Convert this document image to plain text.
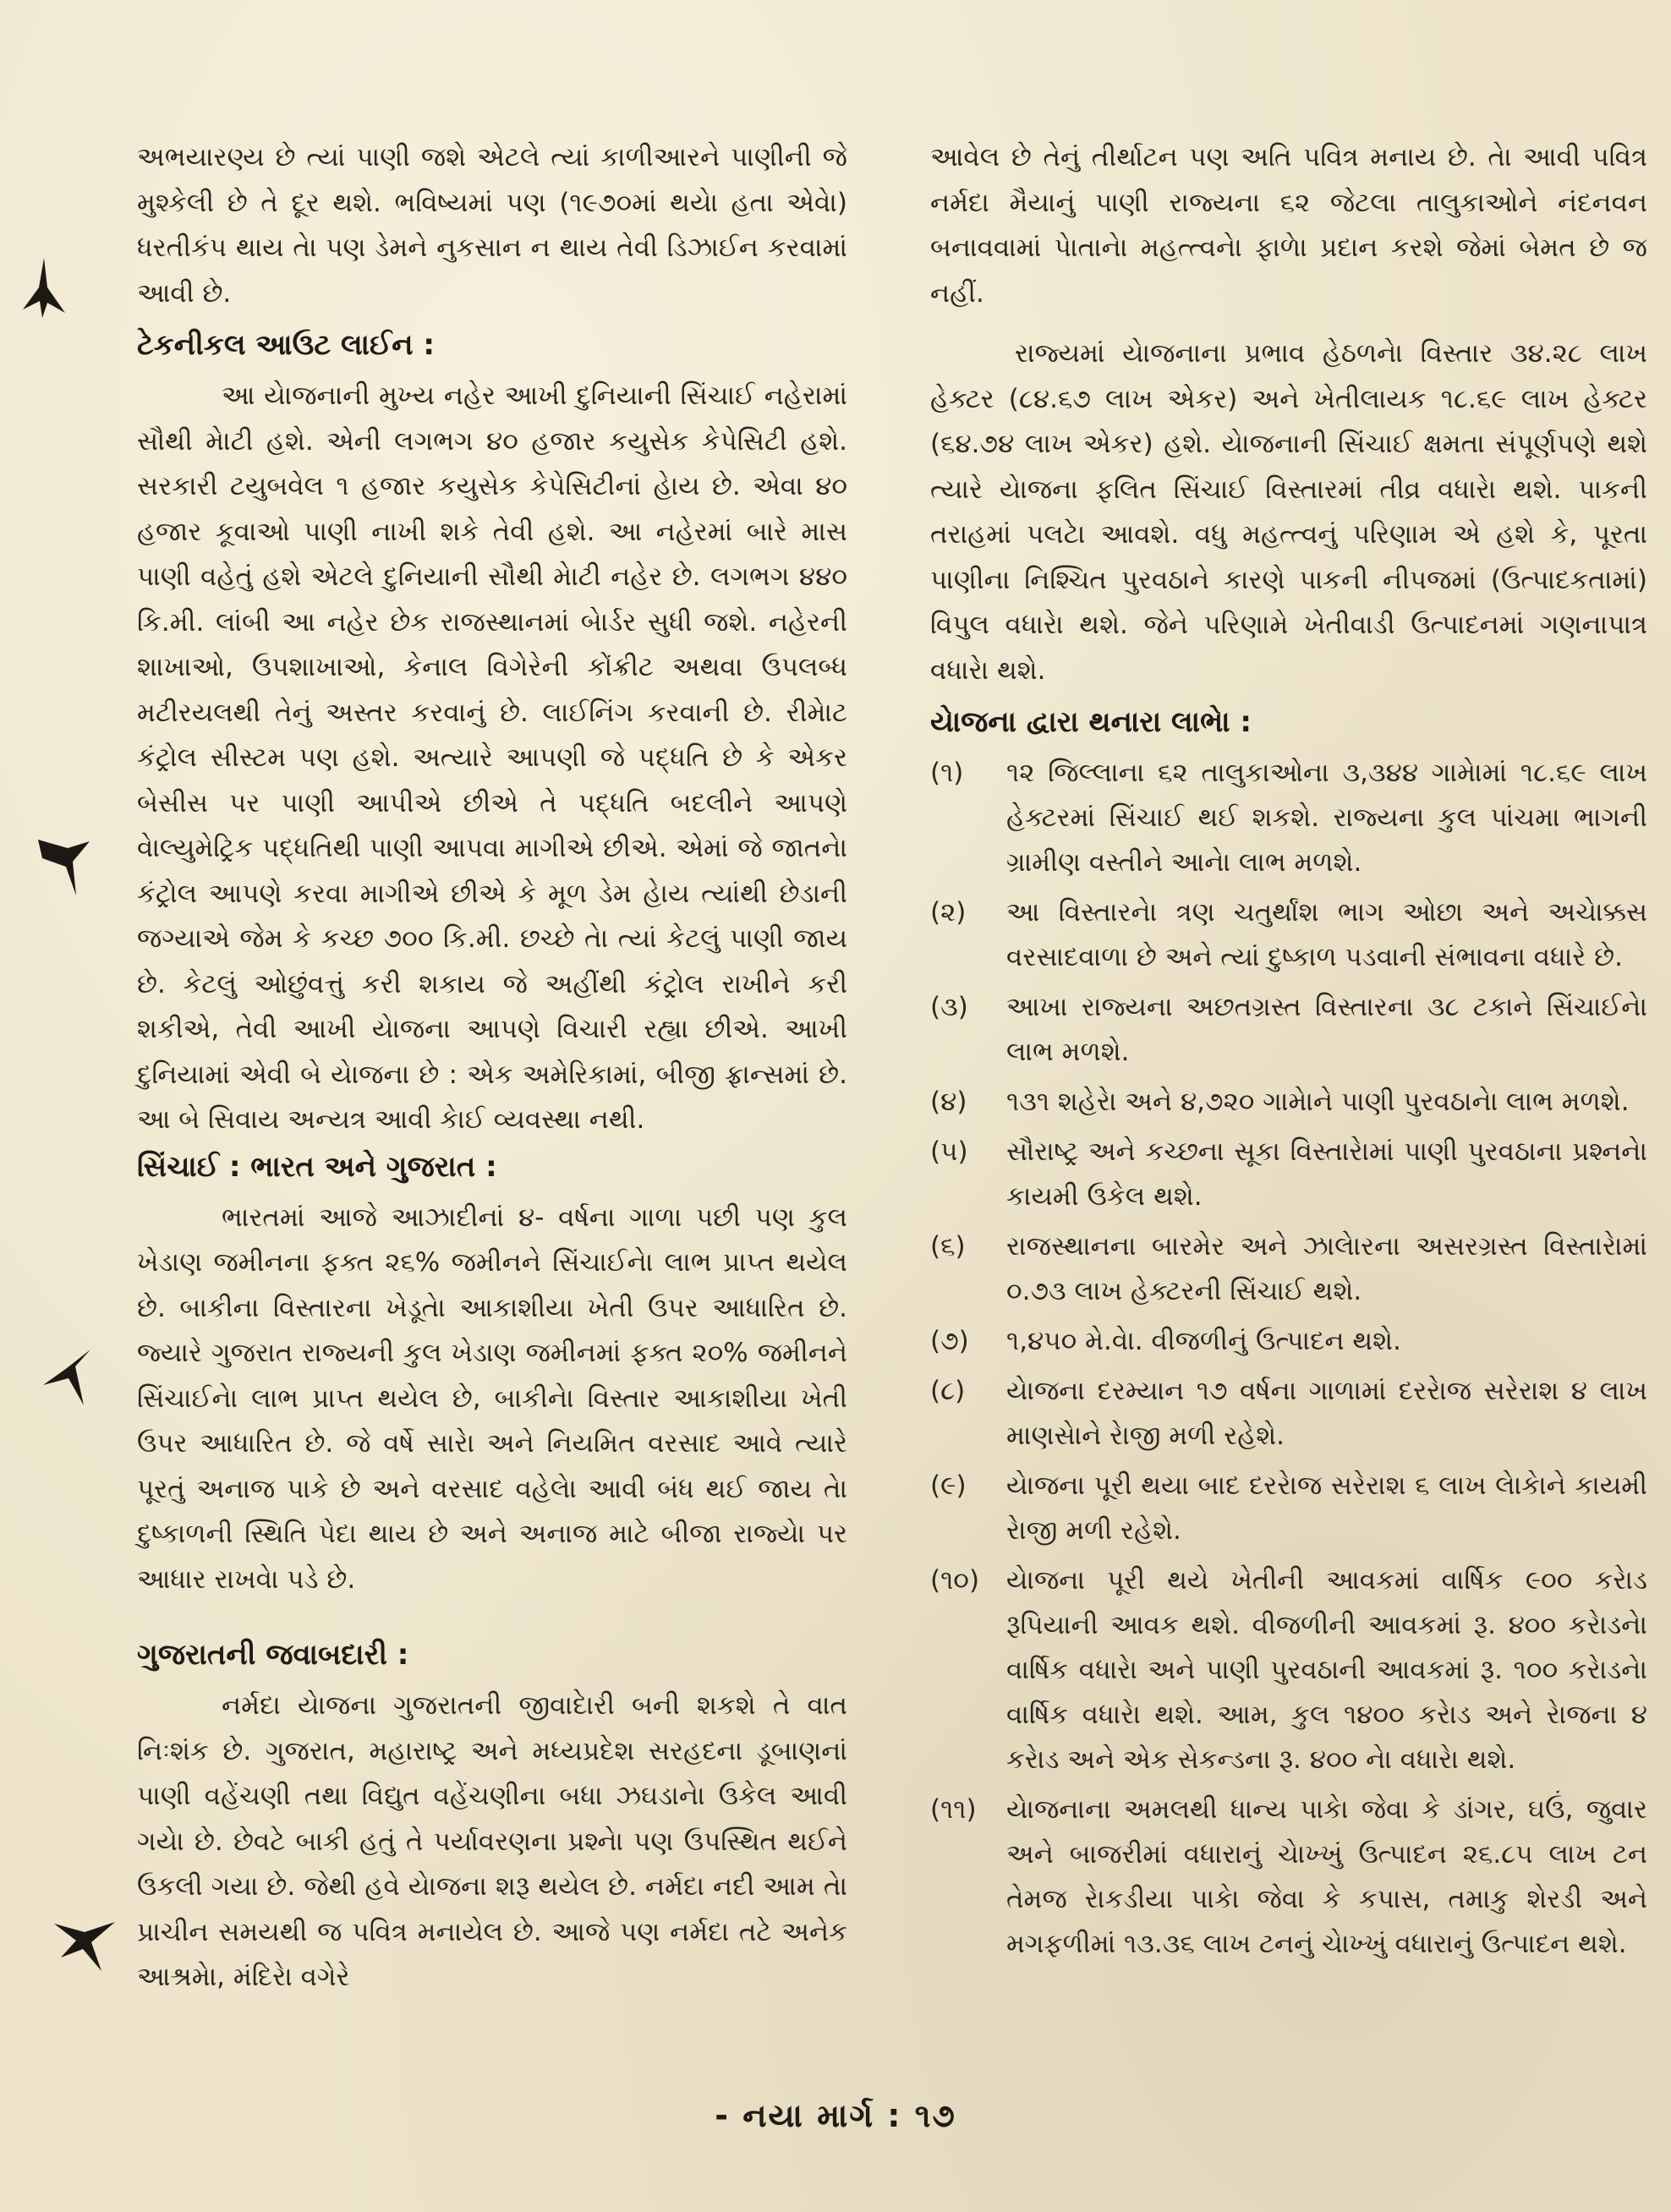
અભયારણ્ય છે ત્યાં પાણી જશે એટલે ત્યાં કાળીઆરને પાણીની જે મુશ્કેલી છે તે દૂર થશે. ભવિષ્યમાં પણ (૧૯૭૦માં થયેા હતા એવેા) ધરતીકંપ થાય તેા પણ ડેમને નુકસાન ન થાય તેવી ડિઝાઈન કરવામાં આવી છે.

ટેકનીકલ આઉટ લાઈન :

આ યેાજનાની મુખ્ય નહેર આખી દુનિયાની સિંચાઈ નહેરામાં સૌથી મેાટી હશે. એની લગભગ ૪૦ હજાર કયુસેક કેપેસિટી હશે. સરકારી ટયુબવેલ ૧ હજાર કયુસેક કેપેસિટીનાં હેાય છે. એવા ૪૦ હજાર કૂવાઓ પાણી નાખી શકે તેવી હશે. આ નહેરમાં બારે માસ પાણી વહેતું હશે એટલે દુનિયાની સૌથી મેાટી નહેર છે. લગભગ ૪૪૦ કિ.મી. લાંબી આ નહેર છેક રાજસ્થાનમાં બેાર્ડર સુધી જશે. નહેરની શાખાઓ, ઉપશાખાઓ, કેનાલ વિગેરેની કોંક્રીટ અથવા ઉપલબ્ધ મટીરયલથી તેનું અસ્તર કરવાનું છે. લાઈનિંગ કરવાની છે. રીમેાટ કંટ્રોલ સીસ્ટમ પણ હશે. અત્યારે આપણી જે પદ્ધતિ છે કે એકર બેસીસ પર પાણી આપીએ છીએ તે પદ્ધતિ બદલીને આપણે વેાલ્યુમેટ્રિક પદ્ધતિથી પાણી આપવા માગીએ છીએ. એમાં જે જાતનેા કંટ્રોલ આપણે કરવા માગીએ છીએ કે મૂળ ડેમ હેાય ત્યાંથી છેડાની જગ્યાએ જેમ કે કચ્છ ૭૦૦ કિ.મી. છચ્છે તેા ત્યાં કેટલું પાણી જાય છે. કેટલું ઓછુંવત્તું કરી શકાય જે અહીંથી કંટ્રોલ રાખીને કરી શકીએ, તેવી આખી યેાજના આપણે વિચારી રહ્યા છીએ. આખી દુનિયામાં એવી બે યેાજના છે : એક અમેરિકામાં, બીજી ફ્રાન્સમાં છે. આ બે સિવાય અન્યત્ર આવી કેાઈ વ્યવસ્થા નથી.

સિંચાઈ : ભારત અને ગુજરાત :

ભારતમાં આજે આઝાદીનાં ૪- વર્ષના ગાળા પછી પણ કુલ ખેડાણ જમીનના ફક્ત ૨૬% જમીનને સિંચાઈનેા લાભ પ્રાપ્ત થયેલ છે. બાકીના વિસ્તારના ખેડૂતેા આકાશીયા ખેતી ઉપર આધારિત છે. જ્યારે ગુજરાત રાજ્યની કુલ ખેડાણ જમીનમાં ફક્ત ૨૦% જમીનને સિંચાઈનેા લાભ પ્રાપ્ત થયેલ છે, બાકીનેા વિસ્તાર આકાશીયા ખેતી ઉપર આધારિત છે. જે વર્ષે સારેા અને નિયમિત વરસાદ આવે ત્યારે પૂરતું અનાજ પાકે છે અને વરસાદ વહેલેા આવી બંધ થઈ જાય તેા દુષ્કાળની સ્થિતિ પેદા થાય છે અને અનાજ માટે બીજા રાજ્યેા પર આધાર રાખવેા પડે છે.

ગુજરાતની જવાબદારી :

નર્મદા યેાજના ગુજરાતની જીવાદેારી બની શકશે તે વાત નિઃશંક છે. ગુજરાત, મહારાષ્ટ્ર અને મધ્યપ્રદેશ સરહદના ડૂબાણનાં પાણી વહેંચણી તથા વિદ્યુત વહેંચણીના બધા ઝઘડાનેા ઉકેલ આવી ગયેા છે. છેવટે બાકી હતું તે પર્યાવરણના પ્રશ્નેા પણ ઉપસ્થિત થઈને ઉકલી ગયા છે. જેથી હવે યેાજના શરૂ થયેલ છે. નર્મદા નદી આમ તેા પ્રાચીન સમયથી જ પવિત્ર મનાયેલ છે. આજે પણ નર્મદા તટે અનેક આશ્રમેા, મંદિરેા વગેરે

આવેલ છે તેનું તીર્થાટન પણ અતિ પવિત્ર મનાય છે. તેા આવી પવિત્ર નર્મદા મૈયાનું પાણી રાજ્યના ૬૨ જેટલા તાલુકાઓને નંદનવન બનાવવામાં પેાતાનેા મહત્ત્વનેા ફાળેા પ્રદાન કરશે જેમાં બેમત છે જ નહીં.

રાજ્યમાં યેાજનાના પ્રભાવ હેઠળનેા વિસ્તાર ૩૪.૨૮ લાખ હેક્ટર (૮૪.૬૭ લાખ એકર) અને ખેતીલાયક ૧૮.૬૯ લાખ હેક્ટર (૬૪.૭૪ લાખ એકર) હશે. યેાજનાની સિંચાઈ ક્ષમતા સંપૂર્ણપણે થશે ત્યારે યેાજના ફલિત સિંચાઈ વિસ્તારમાં તીવ્ર વધારેા થશે. પાકની તરાહમાં પલટેા આવશે. વધુ મહત્ત્વનું પરિણામ એ હશે કે, પૂરતા પાણીના નિશ્ચિત પુરવઠાને કારણે પાકની નીપજમાં (ઉત્પાદકતામાં) વિપુલ વધારેા થશે. જેને પરિણામે ખેતીવાડી ઉત્પાદનમાં ગણનાપાત્ર વધારેા થશે.

યેાજના દ્વારા થનારા લાભેા :
(૧)	૧૨ જિલ્લાના ૬૨ તાલુકાઓના ૩,૩૪૪ ગામેામાં ૧૮.૬૯ લાખ હેક્ટરમાં સિંચાઈ થઈ શકશે. રાજ્યના કુલ પાંચમા ભાગની ગ્રામીણ વસ્તીને આનેા લાભ મળશે.
(૨)	આ વિસ્તારનેા ત્રણ ચતુર્થાંશ ભાગ ઓછા અને અચેાક્કસ વરસાદવાળા છે અને ત્યાં દુષ્કાળ પડવાની સંભાવના વધારે છે.
(૩)	આખા રાજ્યના અછતગ્રસ્ત વિસ્તારના ૩૮ ટકાને સિંચાઈનેા લાભ મળશે.
(૪)	૧૩૧ શહેરેા અને ૪,૭૨૦ ગામેાને પાણી પુરવઠાનેા લાભ મળશે.
(૫)	સૌરાષ્ટ્ર અને કચ્છના સૂકા વિસ્તારેામાં પાણી પુરવઠાના પ્રશ્નનેા કાયમી ઉકેલ થશે.
(૬)	રાજસ્થાનના બારમેર અને ઝાલેારના અસરગ્રસ્ત વિસ્તારેામાં ૦.૭૩ લાખ હેક્ટરની સિંચાઈ થશે.
(૭)	૧,૪૫૦ મે.વેા. વીજળીનું ઉત્પાદન થશે.
(૮)	યેાજના દરમ્યાન ૧૭ વર્ષના ગાળામાં દરરેાજ સરેરાશ ૪ લાખ માણસેાને રેાજી મળી રહેશે.
(૯)	યેાજના પૂરી થયા બાદ દરરેાજ સરેરાશ ૬ લાખ લેાકેાને કાયમી રેાજી મળી રહેશે.
(૧૦)	યેાજના પૂરી થયે ખેતીની આવકમાં વાર્ષિક ૯૦૦ કરેાડ રૂપિયાની આવક થશે. વીજળીની આવકમાં રૂ. ૪૦૦ કરેાડનેા વાર્ષિક વધારેા અને પાણી પુરવઠાની આવકમાં રૂ. ૧૦૦ કરેાડનેા વાર્ષિક વધારેા થશે. આમ, કુલ ૧૪૦૦ કરેાડ અને રેાજના ૪ કરેાડ અને એક સેકન્ડના રૂ. ૪૦૦ નેા વધારેા થશે.
(૧૧)	યેાજનાના અમલથી ધાન્ય પાકેા જેવા કે ડાંગર, ઘઉં, જુવાર અને બાજરીમાં વધારાનું ચેાખ્ખું ઉત્પાદન ૨૬.૮૫ લાખ ટન તેમજ રેાકડીયા પાકેા જેવા કે કપાસ, તમાકુ શેરડી અને મગફળીમાં ૧૩.૩૬ લાખ ટનનું ચેાખ્ખું વધારાનું ઉત્પાદન થશે.
- નયા માર્ગ : ૧૭
